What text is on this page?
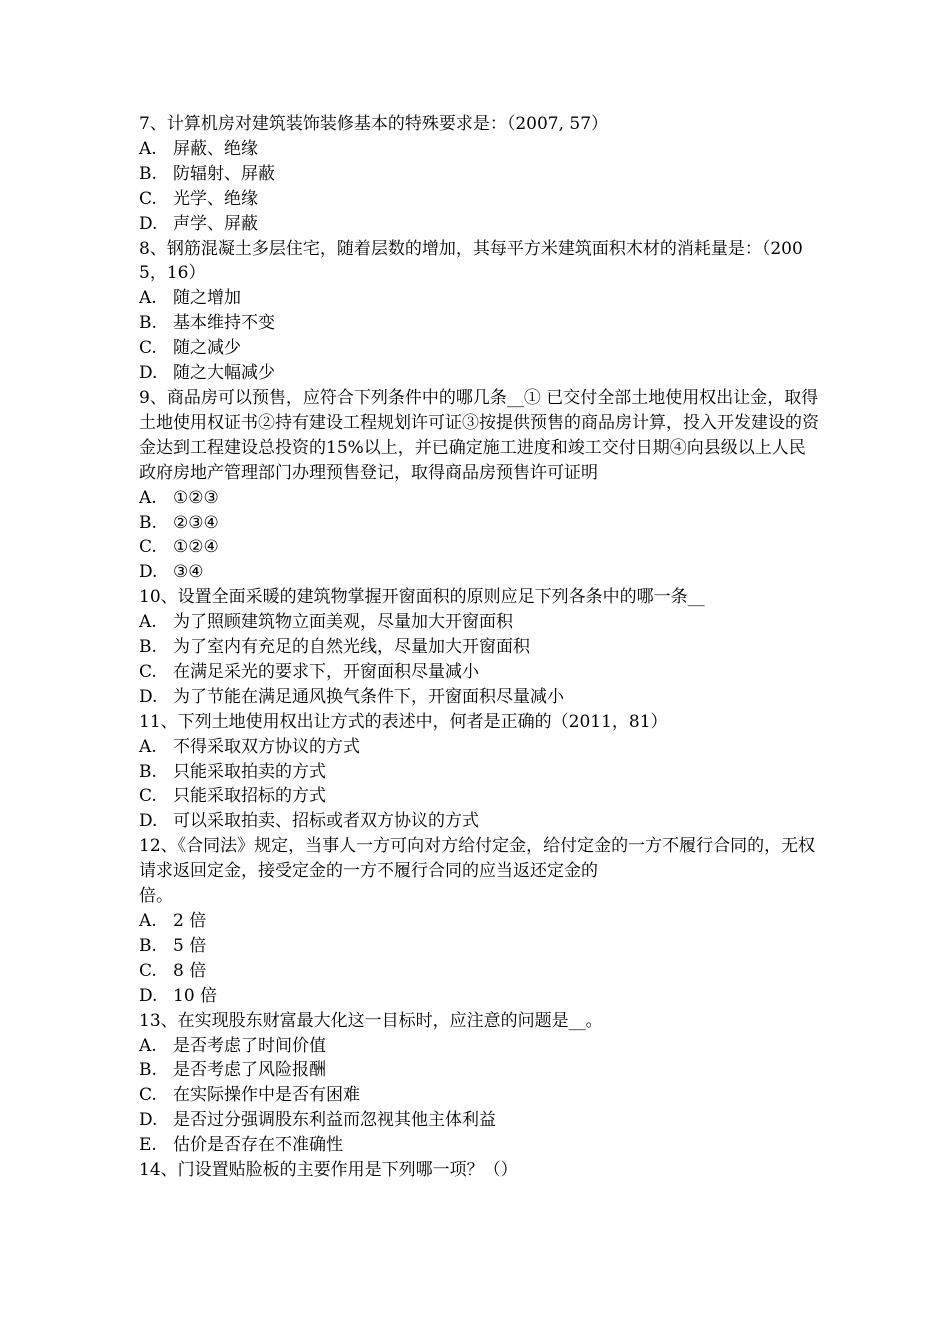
7、计算机房对建筑装饰装修基本的特殊要求是：（2007, 57）

A. 屏蔽、绝缘
B. 防辐射、屏蔽
C. 光学、绝缘
D. 声学、屏蔽

8、钢筋混凝土多层住宅，随着层数的增加，其每平方米建筑面积木材的消耗量是：（2005，16）

A. 随之增加
B. 基本维持不变
C. 随之减少
D. 随之大幅减少

9、商品房可以预售，应符合下列条件中的哪几条__① 已交付全部土地使用权出让金，取得土地使用权证书②持有建设工程规划许可证③按提供预售的商品房计算，投入开发建设的资金达到工程建设总投资的15%以上，并已确定施工进度和竣工交付日期④向县级以上人民政府房地产管理部门办理预售登记，取得商品房预售许可证明

A. ①②③
B. ②③④
C. ①②④
D. ③④

10、设置全面采暖的建筑物掌握开窗面积的原则应足下列各条中的哪一条__

A. 为了照顾建筑物立面美观，尽量加大开窗面积
B. 为了室内有充足的自然光线，尽量加大开窗面积
C. 在满足采光的要求下，开窗面积尽量减小
D. 为了节能在满足通风换气条件下，开窗面积尽量减小

11、下列土地使用权出让方式的表述中，何者是正确的（2011，81）

A. 不得采取双方协议的方式
B. 只能采取拍卖的方式
C. 只能采取招标的方式
D. 可以采取拍卖、招标或者双方协议的方式

12、《合同法》规定，当事人一方可向对方给付定金，给付定金的一方不履行合同的，无权请求返回定金，接受定金的一方不履行合同的应当返还定金的
倍。

A. 2 倍
B. 5 倍
C. 8 倍
D. 10 倍

13、在实现股东财富最大化这一目标时，应注意的问题是__。

A. 是否考虑了时间价值
B. 是否考虑了风险报酬
C. 在实际操作中是否有困难
D. 是否过分强调股东利益而忽视其他主体利益
E. 估价是否存在不准确性

14、门设置贴脸板的主要作用是下列哪一项？（）
